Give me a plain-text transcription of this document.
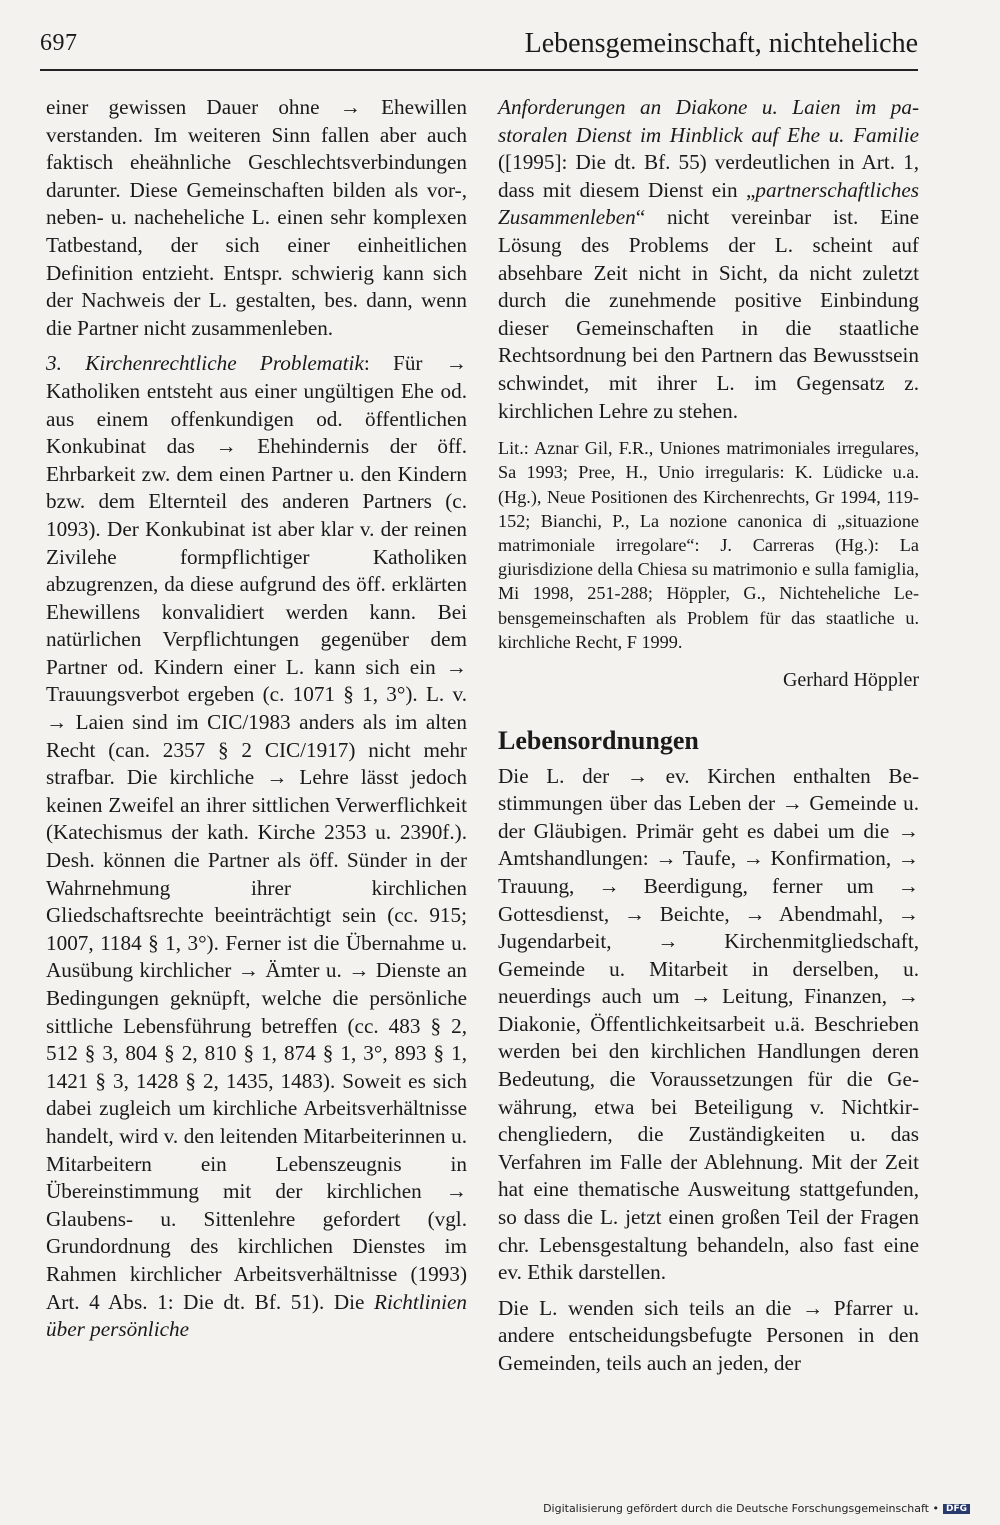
697	Lebensgemeinschaft, nichteheliche

einer gewissen Dauer ohne → Ehewillen verstanden. Im weiteren Sinn fallen aber auch faktisch eheähnliche Geschlechtsverbindungen darunter. Diese Gemeinschaften bilden als vor-, neben- u. nacheheliche L. einen sehr komplexen Tatbestand, der sich einer einheitlichen Definition entzieht. Entspr. schwierig kann sich der Nachweis der L. gestalten, bes. dann, wenn die Partner nicht zusammenleben.

3. Kirchenrechtliche Problematik: Für → Katholiken entsteht aus einer ungültigen Ehe od. aus einem offenkundigen od. öffentlichen Konkubinat das → Ehehindernis der öff. Ehrbarkeit zw. dem einen Partner u. den Kindern bzw. dem Elternteil des anderen Partners (c. 1093). Der Konkubinat ist aber klar v. der reinen Zivilehe formpflichtiger Katholiken abzugrenzen, da diese aufgrund des öff. erklärten Ehewillens konvalidiert werden kann. Bei natürlichen Verpflichtungen gegenüber dem Partner od. Kindern einer L. kann sich ein → Trauungsverbot ergeben (c. 1071 § 1, 3°). L. v. → Laien sind im CIC/1983 anders als im alten Recht (can. 2357 § 2 CIC/1917) nicht mehr strafbar. Die kirchliche → Lehre lässt jedoch keinen Zweifel an ihrer sittlichen Verwerflichkeit (Katechismus der kath. Kirche 2353 u. 2390f.). Desh. können die Partner als öff. Sünder in der Wahrnehmung ihrer kirchlichen Gliedschaftsrechte beeinträchtigt sein (cc. 915; 1007, 1184 § 1, 3°). Ferner ist die Übernahme u. Ausübung kirchlicher → Ämter u. → Dienste an Bedingungen geknüpft, welche die persönliche sittliche Lebensführung betreffen (cc. 483 § 2, 512 § 3, 804 § 2, 810 § 1, 874 § 1, 3°, 893 § 1, 1421 § 3, 1428 § 2, 1435, 1483). Soweit es sich dabei zugleich um kirchliche Arbeitsverhältnisse handelt, wird v. den leitenden Mitarbeiterinnen u. Mitarbeitern ein Lebenszeugnis in Übereinstimmung mit der kirchlichen → Glaubens- u. Sittenlehre gefordert (vgl. Grundordnung des kirchlichen Dienstes im Rahmen kirchlicher Arbeitsverhältnisse (1993) Art. 4 Abs. 1: Die dt. Bf. 51). Die Richtlinien über persönliche

Anforderungen an Diakone u. Laien im pastoralen Dienst im Hinblick auf Ehe u. Familie ([1995]: Die dt. Bf. 55) verdeutlichen in Art. 1, dass mit diesem Dienst ein „partnerschaftliches Zusammenleben“ nicht vereinbar ist. Eine Lösung des Problems der L. scheint auf absehbare Zeit nicht in Sicht, da nicht zuletzt durch die zunehmende positive Einbindung dieser Gemeinschaften in die staatliche Rechtsordnung bei den Partnern das Bewusstsein schwindet, mit ihrer L. im Gegensatz z. kirchlichen Lehre zu stehen.

Lit.: Aznar Gil, F.R., Uniones matrimoniales irregulares, Sa 1993; Pree, H., Unio irregularis: K. Lüdicke u.a. (Hg.), Neue Positionen des Kirchenrechts, Gr 1994, 119-152; Bianchi, P., La nozione canonica di „situazione matrimoniale irregolare“: J. Carreras (Hg.): La giurisdizione della Chiesa su matrimonio e sulla famiglia, Mi 1998, 251-288; Höppler, G., Nichteheliche Lebensgemeinschaften als Problem für das staatliche u. kirchliche Recht, F 1999.

Gerhard Höppler

Lebensordnungen

Die L. der → ev. Kirchen enthalten Bestimmungen über das Leben der → Gemeinde u. der Gläubigen. Primär geht es dabei um die → Amtshandlungen: → Taufe, → Konfirmation, → Trauung, → Beerdigung, ferner um → Gottesdienst, → Beichte, → Abendmahl, → Jugendarbeit, → Kirchenmitgliedschaft, Gemeinde u. Mitarbeit in derselben, u. neuerdings auch um → Leitung, Finanzen, → Diakonie, Öffentlichkeitsarbeit u.ä. Beschrieben werden bei den kirchlichen Handlungen deren Bedeutung, die Voraussetzungen für die Gewährung, etwa bei Beteiligung v. Nichtkirchengliedern, die Zuständigkeiten u. das Verfahren im Falle der Ablehnung. Mit der Zeit hat eine thematische Ausweitung stattgefunden, so dass die L. jetzt einen großen Teil der Fragen chr. Lebensgestaltung behandeln, also fast eine ev. Ethik darstellen.

Die L. wenden sich teils an die → Pfarrer u. andere entscheidungsbefugte Personen in den Gemeinden, teils auch an jeden, der

Digitalisierung gefördert durch die Deutsche Forschungsgemeinschaft • DFG
